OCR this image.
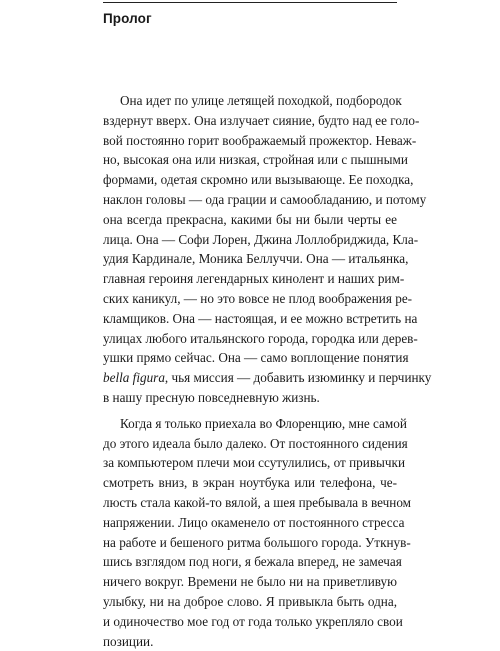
Пролог

Она идет по улице летящей походкой, подбородок
вздернут вверх. Она излучает сияние, будто над ее голо-
вой постоянно горит воображаемый прожектор. Неваж-
но, высокая она или низкая, стройная или с пышными
формами, одетая скромно или вызывающе. Ее походка,
наклон головы — ода грации и самообладанию, и потому
она всегда прекрасна, какими бы ни были черты ее
лица. Она — Софи Лорен, Джина Лоллобриджида, Кла-
удия Кардинале, Моника Беллуччи. Она — итальянка,
главная героиня легендарных кинолент и наших рим-
ских каникул, — но это вовсе не плод воображения ре-
кламщиков. Она — настоящая, и ее можно встретить на
улицах любого итальянского города, городка или дерев-
ушки прямо сейчас. Она — само воплощение понятия
bella figura, чья миссия — добавить изюминку и перчинку
в нашу пресную повседневную жизнь.

Когда я только приехала во Флоренцию, мне самой
до этого идеала было далеко. От постоянного сидения
за компьютером плечи мои ссутулились, от привычки
смотреть вниз, в экран ноутбука или телефона, че-
люсть стала какой-то вялой, а шея пребывала в вечном
напряжении. Лицо окаменело от постоянного стресса
на работе и бешеного ритма большого города. Уткнув-
шись взглядом под ноги, я бежала вперед, не замечая
ничего вокруг. Времени не было ни на приветливую
улыбку, ни на доброе слово. Я привыкла быть одна,
и одиночество мое год от года только укрепляло свои
позиции.
